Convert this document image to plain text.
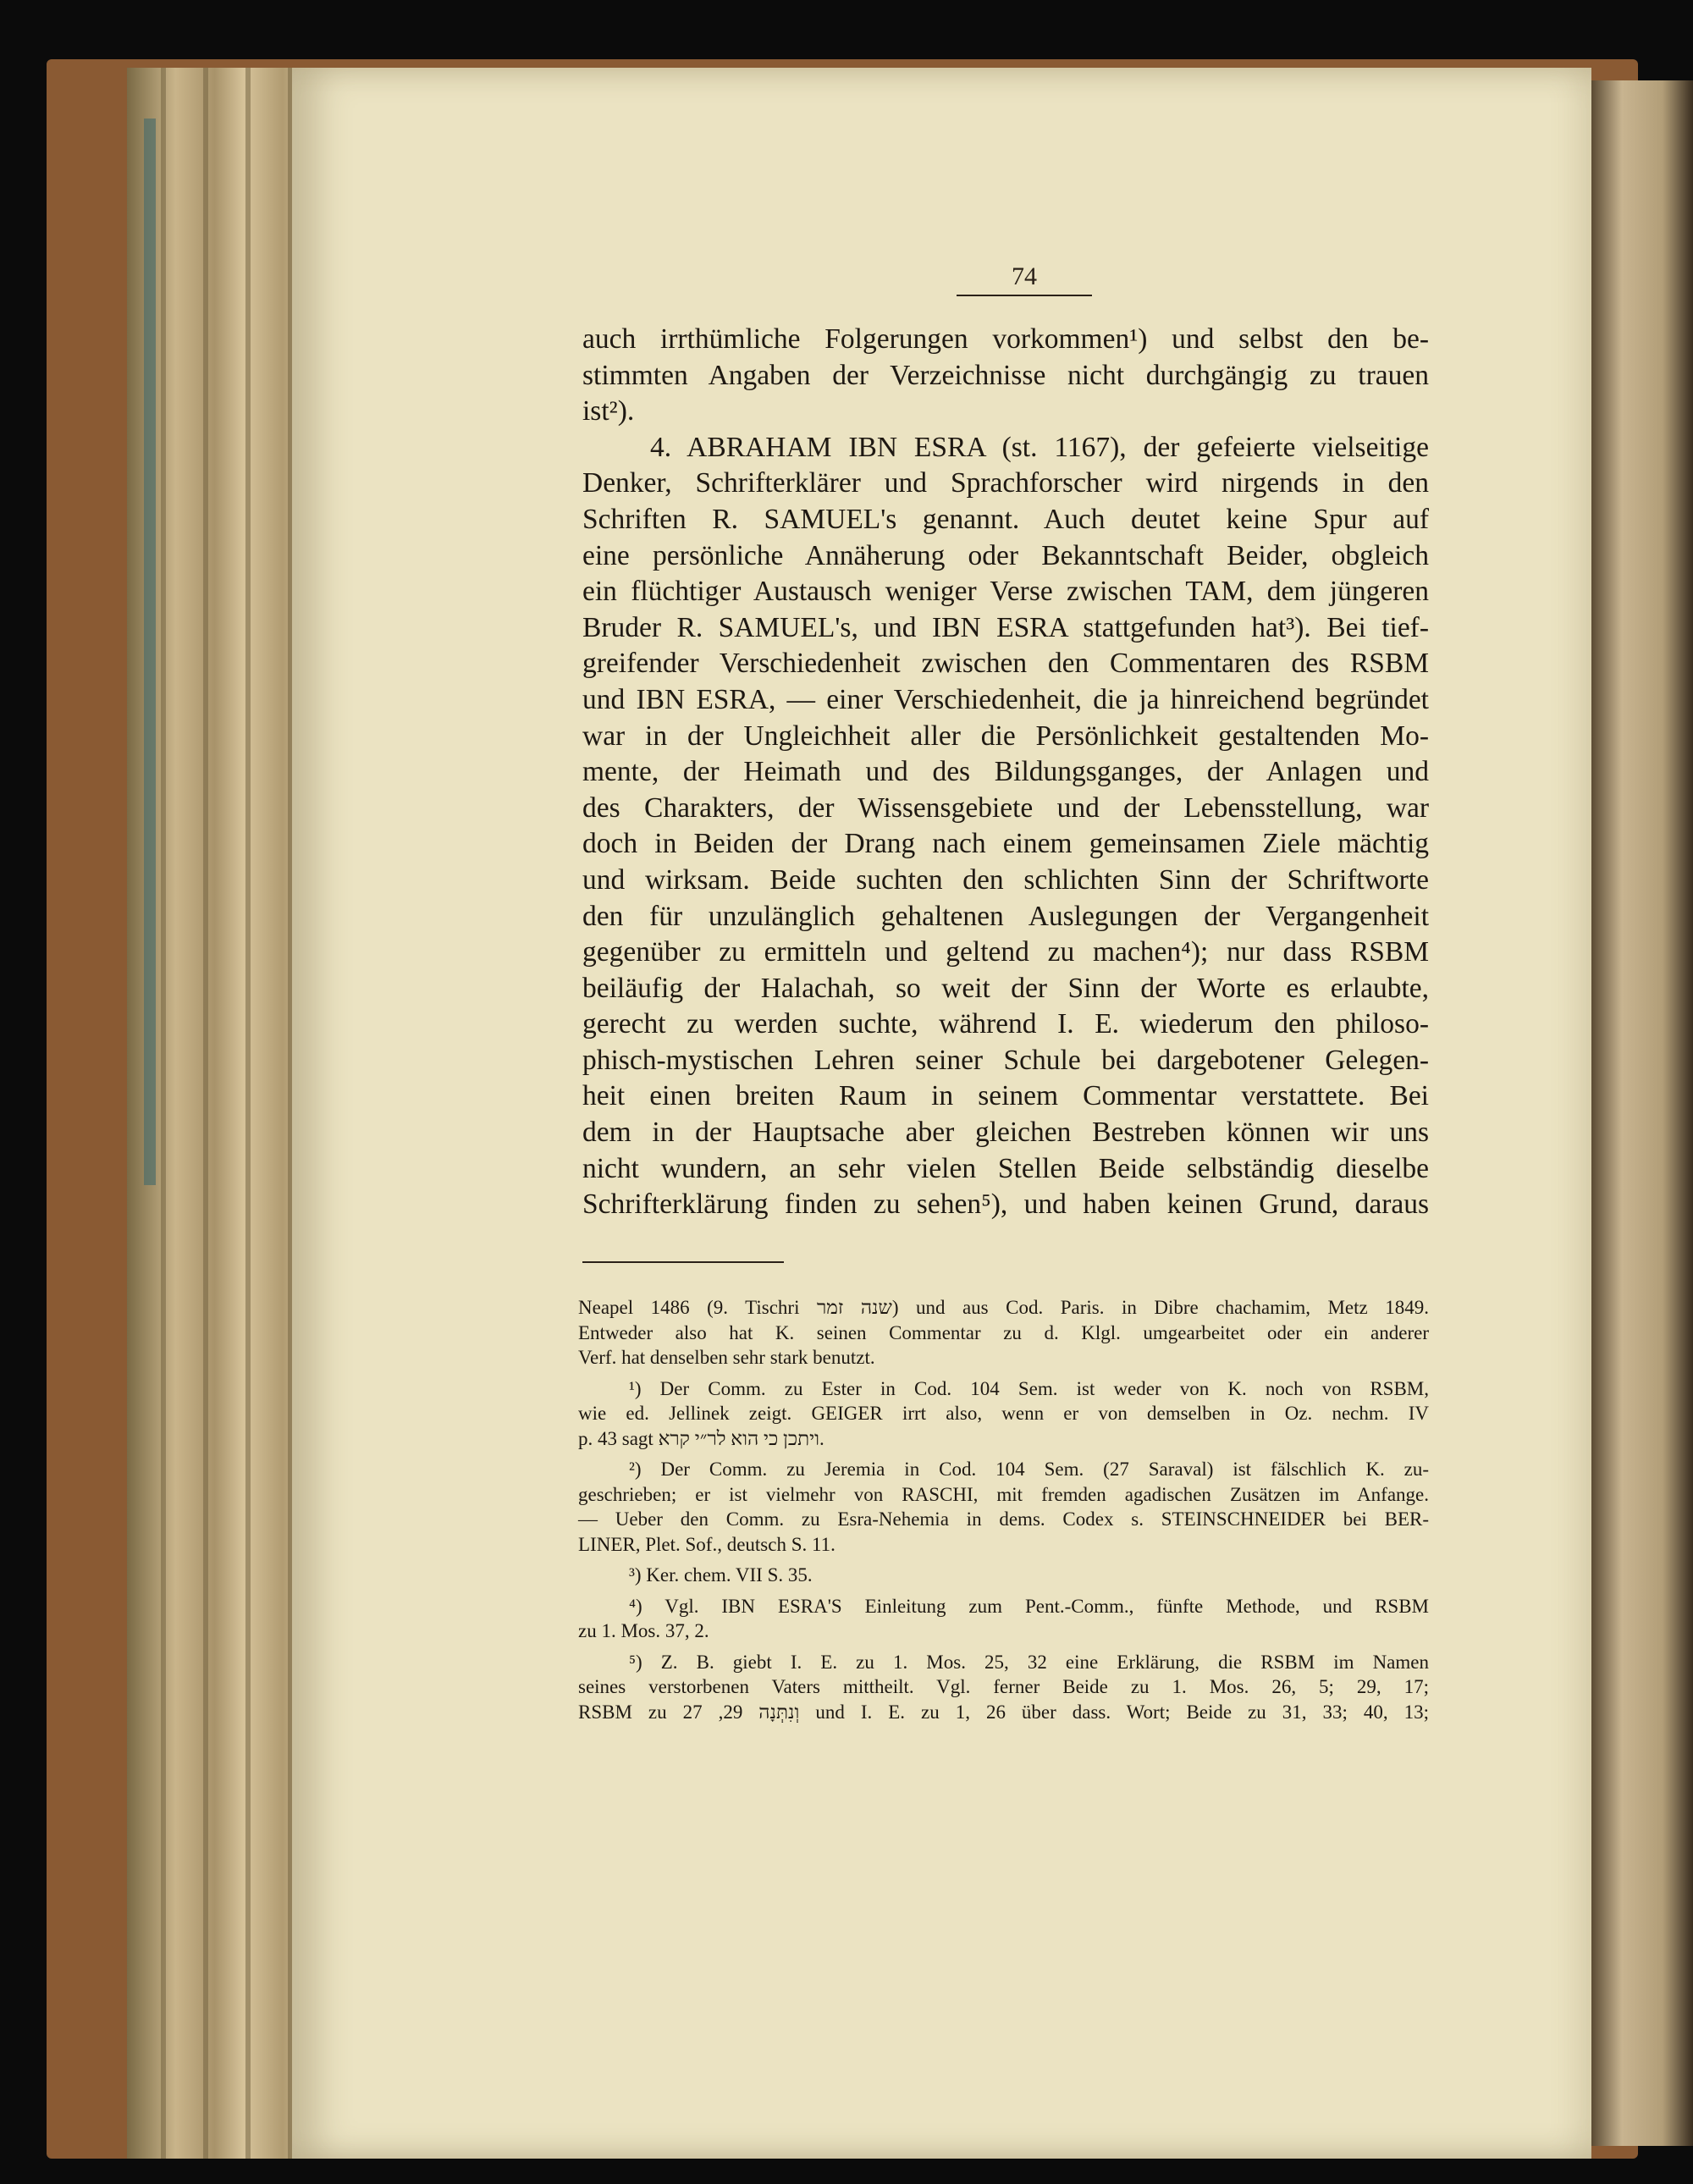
74
auch irrthümliche Folgerungen vorkommen¹) und selbst den be-
stimmten Angaben der Verzeichnisse nicht durchgängig zu trauen
ist²).
4. ABRAHAM IBN ESRA (st. 1167), der gefeierte vielseitige
Denker, Schrifterklärer und Sprachforscher wird nirgends in den
Schriften R. SAMUEL's genannt. Auch deutet keine Spur auf
eine persönliche Annäherung oder Bekanntschaft Beider, obgleich
ein flüchtiger Austausch weniger Verse zwischen TAM, dem jüngeren
Bruder R. SAMUEL's, und IBN ESRA stattgefunden hat³). Bei tief-
greifender Verschiedenheit zwischen den Commentaren des RSBM
und IBN ESRA, — einer Verschiedenheit, die ja hinreichend begründet
war in der Ungleichheit aller die Persönlichkeit gestaltenden Mo-
mente, der Heimath und des Bildungsganges, der Anlagen und
des Charakters, der Wissensgebiete und der Lebensstellung, war
doch in Beiden der Drang nach einem gemeinsamen Ziele mächtig
und wirksam. Beide suchten den schlichten Sinn der Schriftworte
den für unzulänglich gehaltenen Auslegungen der Vergangenheit
gegenüber zu ermitteln und geltend zu machen⁴); nur dass RSBM
beiläufig der Halachah, so weit der Sinn der Worte es erlaubte,
gerecht zu werden suchte, während I. E. wiederum den philoso-
phisch-mystischen Lehren seiner Schule bei dargebotener Gelegen-
heit einen breiten Raum in seinem Commentar verstattete. Bei
dem in der Hauptsache aber gleichen Bestreben können wir uns
nicht wundern, an sehr vielen Stellen Beide selbständig dieselbe
Schrifterklärung finden zu sehen⁵), und haben keinen Grund, daraus
Neapel 1486 (9. Tischri שנה זמר) und aus Cod. Paris. in Dibre chachamim, Metz 1849.
Entweder also hat K. seinen Commentar zu d. Klgl. umgearbeitet oder ein anderer
Verf. hat denselben sehr stark benutzt.
¹) Der Comm. zu Ester in Cod. 104 Sem. ist weder von K. noch von RSBM,
wie ed. Jellinek zeigt. GEIGER irrt also, wenn er von demselben in Oz. nechm. IV
p. 43 sagt ויתכן כי הוא לר״י קרא.
²) Der Comm. zu Jeremia in Cod. 104 Sem. (27 Saraval) ist fälschlich K. zu-
geschrieben; er ist vielmehr von RASCHI, mit fremden agadischen Zusätzen im Anfange.
— Ueber den Comm. zu Esra-Nehemia in dems. Codex s. STEINSCHNEIDER bei BER-
LINER, Plet. Sof., deutsch S. 11.
³) Ker. chem. VII S. 35.
⁴) Vgl. IBN ESRA'S Einleitung zum Pent.-Comm., fünfte Methode, und RSBM
zu 1. Mos. 37, 2.
⁵) Z. B. giebt I. E. zu 1. Mos. 25, 32 eine Erklärung, die RSBM im Namen
seines verstorbenen Vaters mittheilt. Vgl. ferner Beide zu 1. Mos. 26, 5; 29, 17;
RSBM zu וְנִתְּנָה 29, 27 und I. E. zu 1, 26 über dass. Wort; Beide zu 31, 33; 40, 13;
